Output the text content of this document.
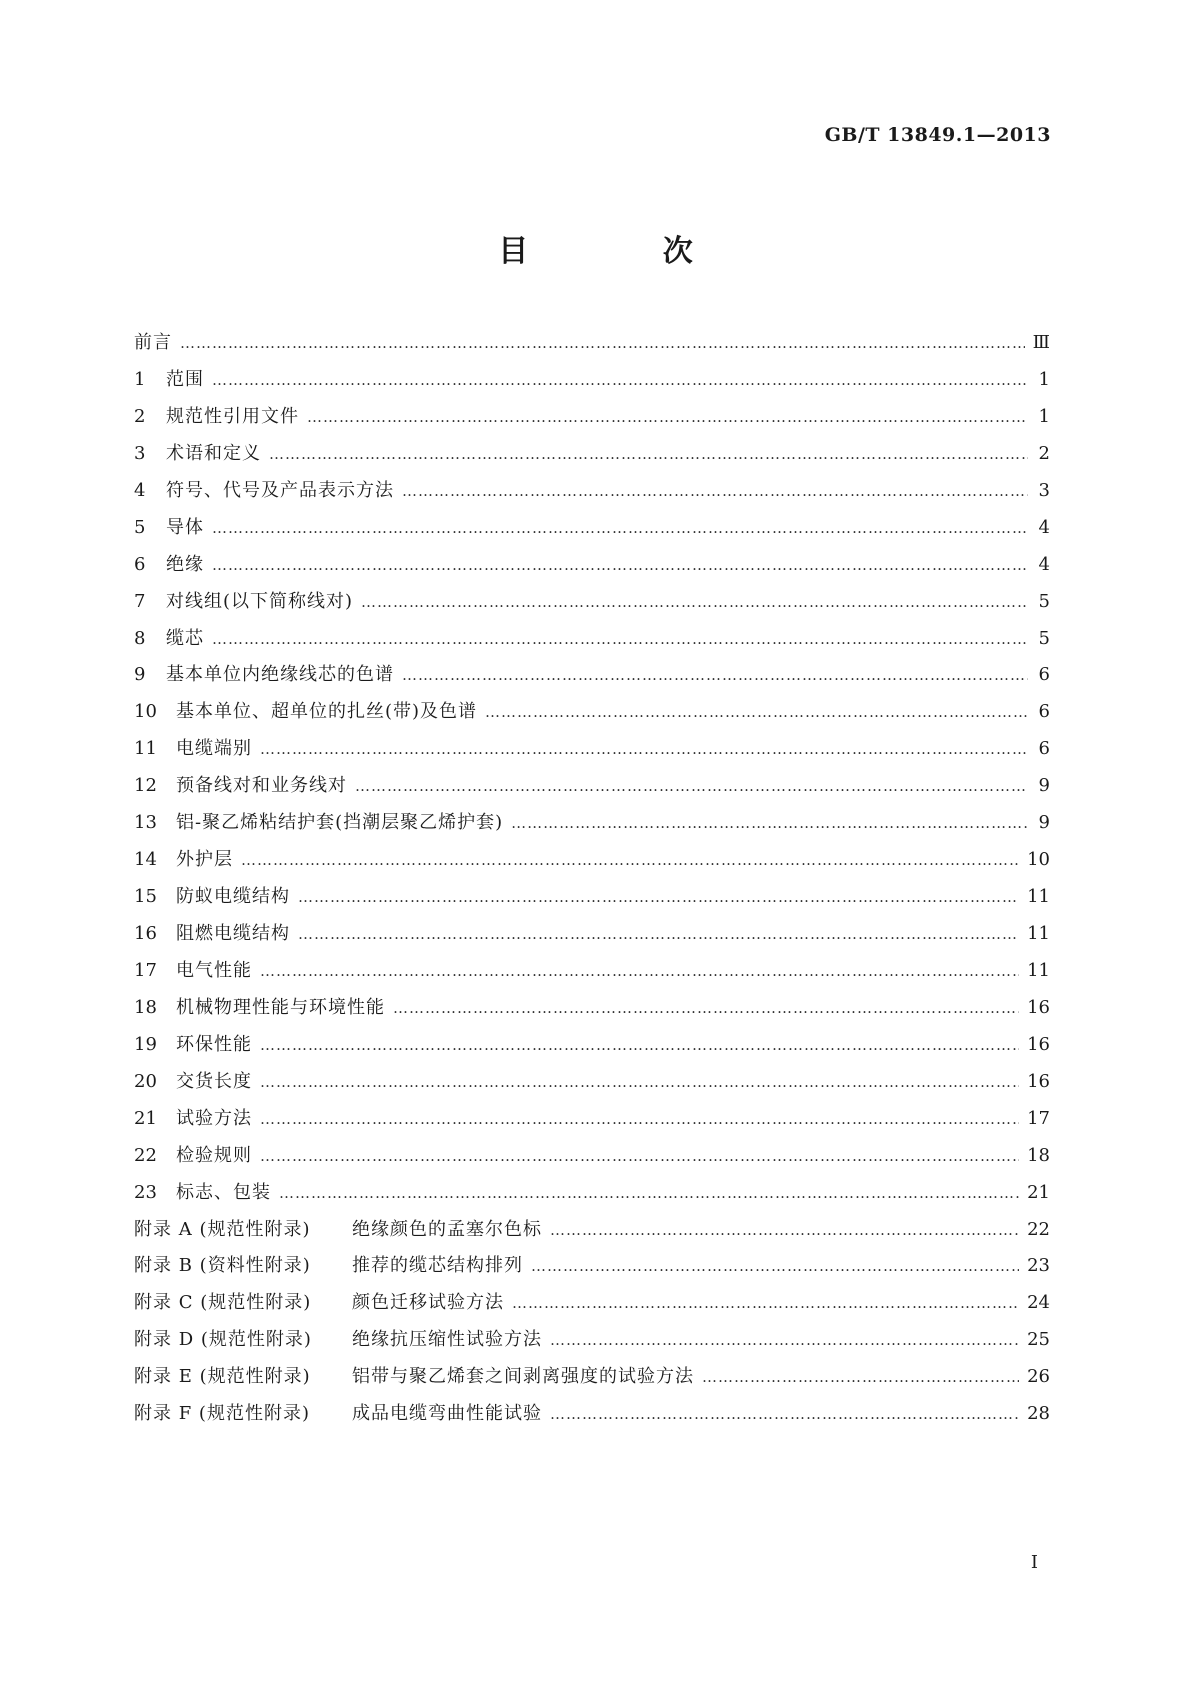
GB/T 13849.1—2013
目 次
前言 …………………………………………………………………………………………………………………………………………………………………………………………………………	Ⅲ
1	范围 …………………………………………………………………………………………………………………………………………………………………………………………………………	1
2	规范性引用文件 …………………………………………………………………………………………………………………………………………………………………………………………………………	1
3	术语和定义 …………………………………………………………………………………………………………………………………………………………………………………………………………	2
4	符号、代号及产品表示方法 …………………………………………………………………………………………………………………………………………………………………………………………………………	3
5	导体 …………………………………………………………………………………………………………………………………………………………………………………………………………	4
6	绝缘 …………………………………………………………………………………………………………………………………………………………………………………………………………	4
7	对线组(以下简称线对) …………………………………………………………………………………………………………………………………………………………………………………………………………	5
8	缆芯 …………………………………………………………………………………………………………………………………………………………………………………………………………	5
9	基本单位内绝缘线芯的色谱 …………………………………………………………………………………………………………………………………………………………………………………………………………	6
10	基本单位、超单位的扎丝(带)及色谱 …………………………………………………………………………………………………………………………………………………………………………………………………………	6
11	电缆端别 …………………………………………………………………………………………………………………………………………………………………………………………………………	6
12	预备线对和业务线对 …………………………………………………………………………………………………………………………………………………………………………………………………………	9
13	铝-聚乙烯粘结护套(挡潮层聚乙烯护套) …………………………………………………………………………………………………………………………………………………………………………………………………………	9
14	外护层 …………………………………………………………………………………………………………………………………………………………………………………………………………	10
15	防蚁电缆结构 …………………………………………………………………………………………………………………………………………………………………………………………………………	11
16	阻燃电缆结构 …………………………………………………………………………………………………………………………………………………………………………………………………………	11
17	电气性能 …………………………………………………………………………………………………………………………………………………………………………………………………………	11
18	机械物理性能与环境性能 …………………………………………………………………………………………………………………………………………………………………………………………………………	16
19	环保性能 …………………………………………………………………………………………………………………………………………………………………………………………………………	16
20	交货长度 …………………………………………………………………………………………………………………………………………………………………………………………………………	16
21	试验方法 …………………………………………………………………………………………………………………………………………………………………………………………………………	17
22	检验规则 …………………………………………………………………………………………………………………………………………………………………………………………………………	18
23	标志、包装 …………………………………………………………………………………………………………………………………………………………………………………………………………	21
附录 A (规范性附录)	绝缘颜色的孟塞尔色标 …………………………………………………………………………………………………………………………………………………………………………………………………………	22
附录 B (资料性附录)	推荐的缆芯结构排列 …………………………………………………………………………………………………………………………………………………………………………………………………………	23
附录 C (规范性附录)	颜色迁移试验方法 …………………………………………………………………………………………………………………………………………………………………………………………………………	24
附录 D (规范性附录)	绝缘抗压缩性试验方法 …………………………………………………………………………………………………………………………………………………………………………………………………………	25
附录 E (规范性附录)	铝带与聚乙烯套之间剥离强度的试验方法 …………………………………………………………………………………………………………………………………………………………………………………………………………	26
附录 F (规范性附录)	成品电缆弯曲性能试验 …………………………………………………………………………………………………………………………………………………………………………………………………………	28
I
